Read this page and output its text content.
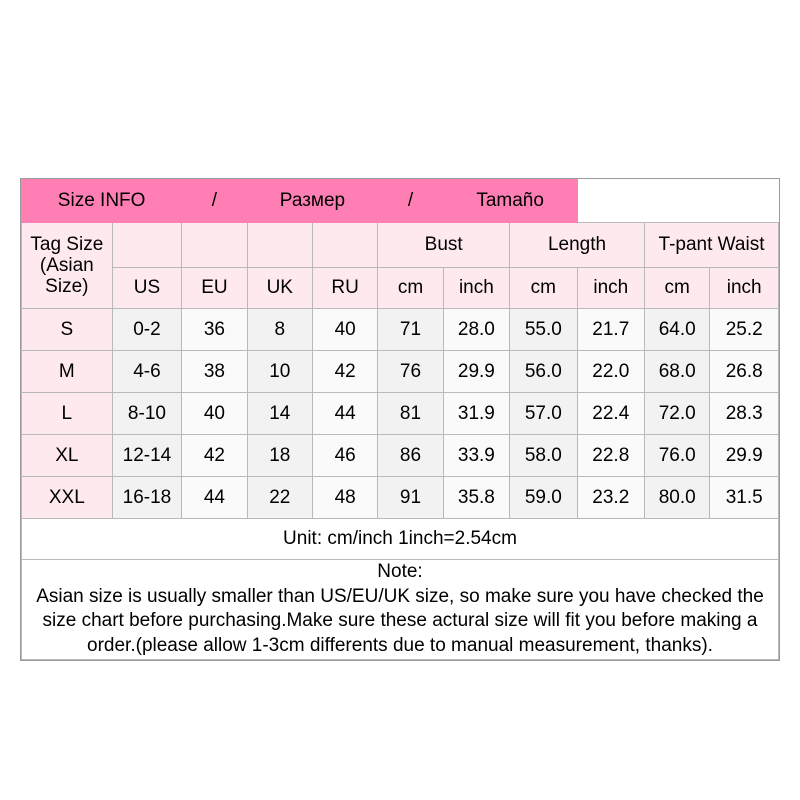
Size INFO		/	Размер		/	Tamaño				
Tag Size
(Asian
Size)					Bust		Length		T-pant Waist	
	US	EU	UK	RU	cm	inch	cm	inch	cm	inch
S	0-2	36	8	40	71	28.0	55.0	21.7	64.0	25.2
M	4-6	38	10	42	76	29.9	56.0	22.0	68.0	26.8
L	8-10	40	14	44	81	31.9	57.0	22.4	72.0	28.3
XL	12-14	42	18	46	86	33.9	58.0	22.8	76.0	29.9
XXL	16-18	44	22	48	91	35.8	59.0	23.2	80.0	31.5
Unit: cm/inch 1inch=2.54cm										

Note:
Asian size is usually smaller than US/EU/UK size, so make sure you have checked the
size chart before purchasing.Make sure these actural size will fit you before making a
order.(please allow 1-3cm differents due to manual measurement, thanks).										
